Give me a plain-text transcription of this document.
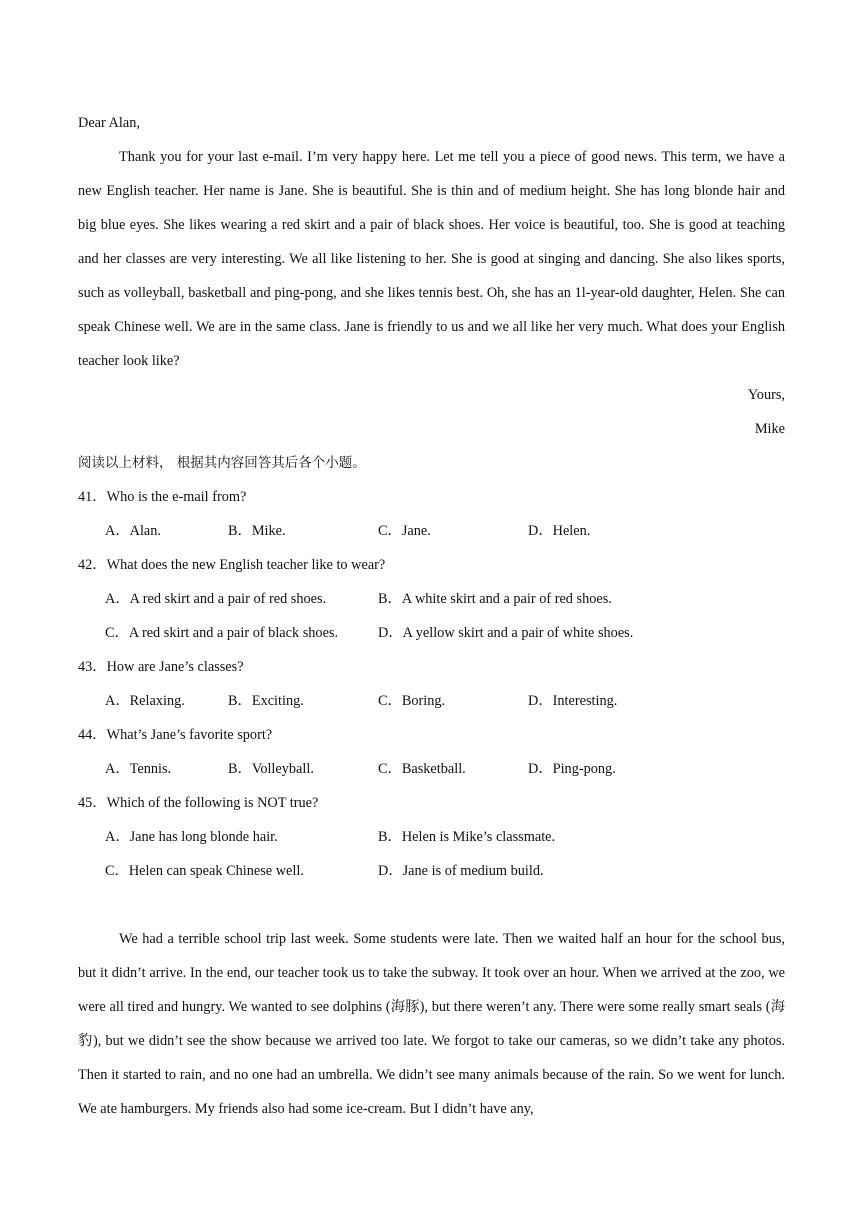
Dear Alan,

Thank you for your last e-mail. I’m very happy here. Let me tell you a piece of good news. This term, we have a new English teacher. Her name is Jane. She is beautiful. She is thin and of medium height. She has long blonde hair and big blue eyes. She likes wearing a red skirt and a pair of black shoes. Her voice is beautiful, too. She is good at teaching and her classes are very interesting. We all like listening to her. She is good at singing and dancing. She also likes sports, such as volleyball, basketball and ping-pong, and she likes tennis best. Oh, she has an 1l-year-old daughter, Helen. She can speak Chinese well. We are in the same class. Jane is friendly to us and we all like her very much. What does your English teacher look like?

Yours,
Mike
阅读以上材料， 根据其内容回答其后各个小题。
41．Who is the e-mail from?
A．Alan.	B．Mike.	C．Jane.	D．Helen.
42．What does the new English teacher like to wear?
A．A red skirt and a pair of red shoes.	B．A white skirt and a pair of red shoes.
C．A red skirt and a pair of black shoes.	D．A yellow skirt and a pair of white shoes.
43．How are Jane’s classes?
A．Relaxing.	B．Exciting.	C．Boring.	D．Interesting.
44．What’s Jane’s favorite sport?
A．Tennis.	B．Volleyball.	C．Basketball.	D．Ping-pong.
45．Which of the following is NOT true?
A．Jane has long blonde hair.	B．Helen is Mike’s classmate.
C．Helen can speak Chinese well.	D．Jane is of medium build.

We had a terrible school trip last week. Some students were late. Then we waited half an hour for the school bus, but it didn’t arrive. In the end, our teacher took us to take the subway. It took over an hour. When we arrived at the zoo, we were all tired and hungry. We wanted to see dolphins (海豚), but there weren’t any. There were some really smart seals (海豹), but we didn’t see the show because we arrived too late. We forgot to take our cameras, so we didn’t take any photos. Then it started to rain, and no one had an umbrella. We didn’t see many animals because of the rain. So we went for lunch. We ate hamburgers. My friends also had some ice-cream. But I didn’t have any,
